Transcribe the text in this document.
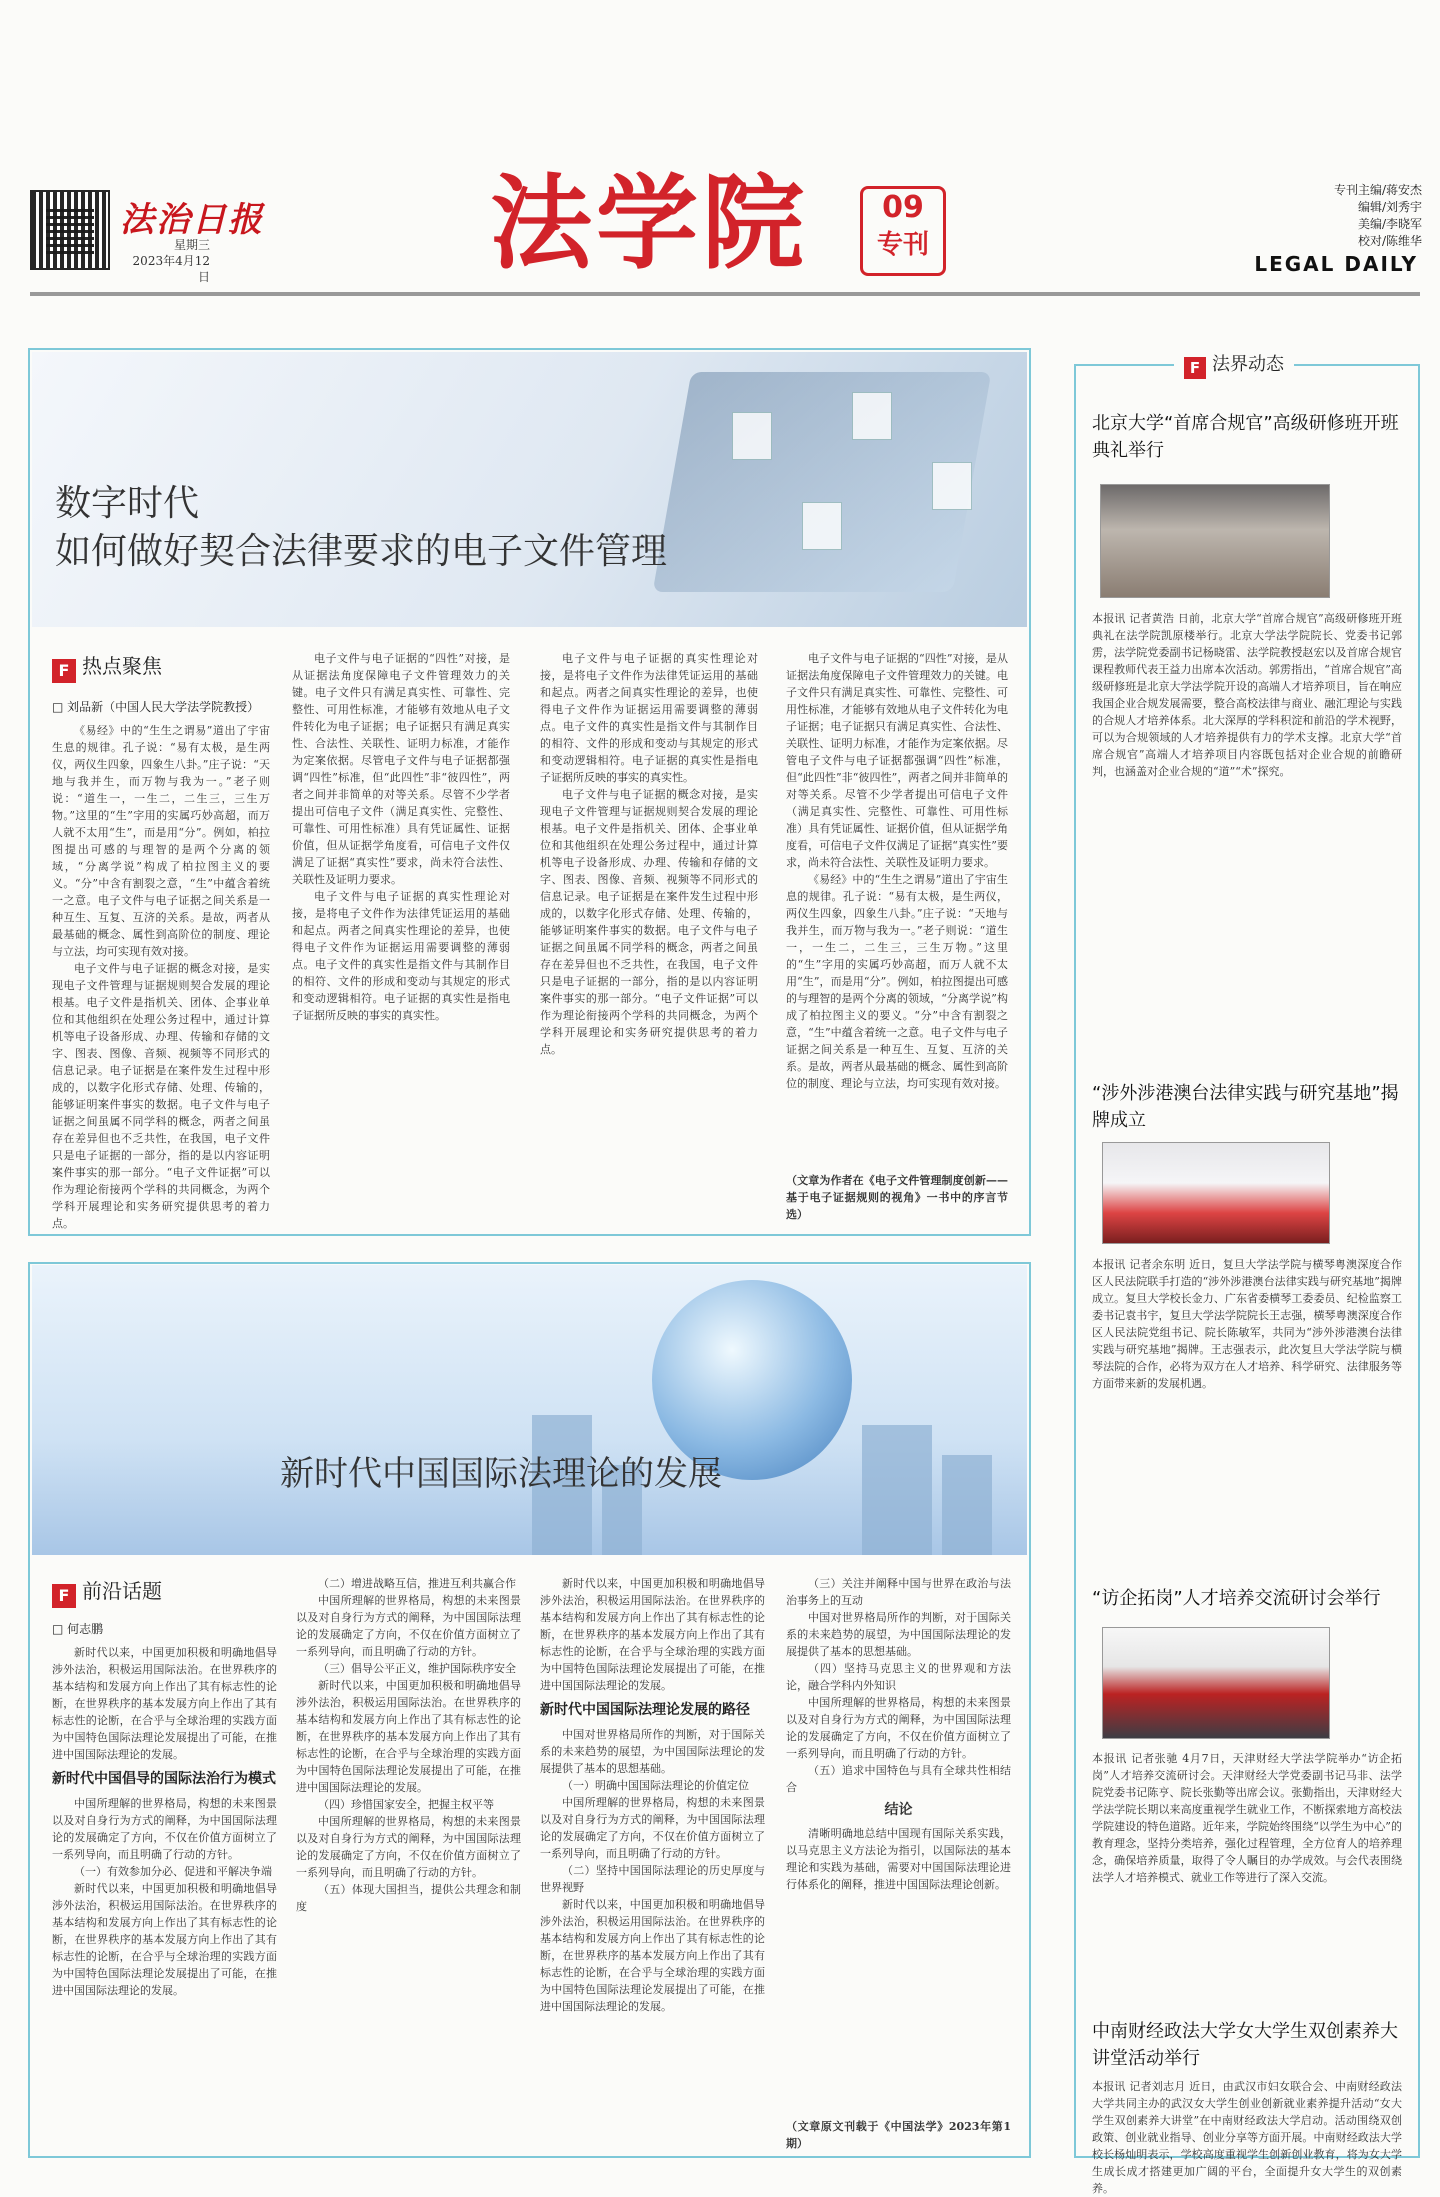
法治日报
星期三
2023年4月12日	法学院	09
专刊
专刊主编/蒋安杰
编辑/刘秀宇
美编/李晓军
校对/陈维华
LEGAL DAILY
数字时代
如何做好契合法律要求的电子文件管理
F 热点聚焦
□ 刘品新（中国人民大学法学院教授）

《易经》中的“生生之谓易”道出了宇宙生息的规律。孔子说：“易有太极，是生两仪，两仪生四象，四象生八卦。”庄子说：“天地与我并生，而万物与我为一。”老子则说：“道生一，一生二，二生三，三生万物。”这里的“生”字用的实属巧妙高超，而万人就不太用“生”，而是用“分”。例如，柏拉图提出可感的与理智的是两个分离的领域，“分离学说”构成了柏拉图主义的要义。“分”中含有割裂之意，“生”中蕴含着统一之意。电子文件与电子证据之间关系是一种互生、互复、互济的关系。是故，两者从最基础的概念、属性到高阶位的制度、理论与立法，均可实现有效对接。

电子文件与电子证据的概念对接，是实现电子文件管理与证据规则契合发展的理论根基。电子文件是指机关、团体、企事业单位和其他组织在处理公务过程中，通过计算机等电子设备形成、办理、传输和存储的文字、图表、图像、音频、视频等不同形式的信息记录。电子证据是在案件发生过程中形成的，以数字化形式存储、处理、传输的，能够证明案件事实的数据。电子文件与电子证据之间虽属不同学科的概念，两者之间虽存在差异但也不乏共性，在我国，电子文件只是电子证据的一部分，指的是以内容证明案件事实的那一部分。“电子文件证据”可以作为理论衔接两个学科的共同概念，为两个学科开展理论和实务研究提供思考的着力点。

电子文件与电子证据的“四性”对接，是从证据法角度保障电子文件管理效力的关键。电子文件只有满足真实性、可靠性、完整性、可用性标准，才能够有效地从电子文件转化为电子证据；电子证据只有满足真实性、合法性、关联性、证明力标准，才能作为定案依据。尽管电子文件与电子证据都强调“四性”标准，但“此四性”非“彼四性”，两者之间并非简单的对等关系。尽管不少学者提出可信电子文件（满足真实性、完整性、可靠性、可用性标准）具有凭证属性、证据价值，但从证据学角度看，可信电子文件仅满足了证据“真实性”要求，尚未符合法性、关联性及证明力要求。

电子文件与电子证据的真实性理论对接，是将电子文件作为法律凭证运用的基础和起点。两者之间真实性理论的差异，也使得电子文件作为证据运用需要调整的薄弱点。电子文件的真实性是指文件与其制作目的相符、文件的形成和变动与其规定的形式和变动逻辑相符。电子证据的真实性是指电子证据所反映的事实的真实性。

电子文件与电子证据的真实性理论对接，是将电子文件作为法律凭证运用的基础和起点。两者之间真实性理论的差异，也使得电子文件作为证据运用需要调整的薄弱点。电子文件的真实性是指文件与其制作目的相符、文件的形成和变动与其规定的形式和变动逻辑相符。电子证据的真实性是指电子证据所反映的事实的真实性。

电子文件与电子证据的概念对接，是实现电子文件管理与证据规则契合发展的理论根基。电子文件是指机关、团体、企事业单位和其他组织在处理公务过程中，通过计算机等电子设备形成、办理、传输和存储的文字、图表、图像、音频、视频等不同形式的信息记录。电子证据是在案件发生过程中形成的，以数字化形式存储、处理、传输的，能够证明案件事实的数据。电子文件与电子证据之间虽属不同学科的概念，两者之间虽存在差异但也不乏共性，在我国，电子文件只是电子证据的一部分，指的是以内容证明案件事实的那一部分。“电子文件证据”可以作为理论衔接两个学科的共同概念，为两个学科开展理论和实务研究提供思考的着力点。

电子文件与电子证据的“四性”对接，是从证据法角度保障电子文件管理效力的关键。电子文件只有满足真实性、可靠性、完整性、可用性标准，才能够有效地从电子文件转化为电子证据；电子证据只有满足真实性、合法性、关联性、证明力标准，才能作为定案依据。尽管电子文件与电子证据都强调“四性”标准，但“此四性”非“彼四性”，两者之间并非简单的对等关系。尽管不少学者提出可信电子文件（满足真实性、完整性、可靠性、可用性标准）具有凭证属性、证据价值，但从证据学角度看，可信电子文件仅满足了证据“真实性”要求，尚未符合法性、关联性及证明力要求。

《易经》中的“生生之谓易”道出了宇宙生息的规律。孔子说：“易有太极，是生两仪，两仪生四象，四象生八卦。”庄子说：“天地与我并生，而万物与我为一。”老子则说：“道生一，一生二，二生三，三生万物。”这里的“生”字用的实属巧妙高超，而万人就不太用“生”，而是用“分”。例如，柏拉图提出可感的与理智的是两个分离的领域，“分离学说”构成了柏拉图主义的要义。“分”中含有割裂之意，“生”中蕴含着统一之意。电子文件与电子证据之间关系是一种互生、互复、互济的关系。是故，两者从最基础的概念、属性到高阶位的制度、理论与立法，均可实现有效对接。

（文章为作者在《电子文件管理制度创新——基于电子证据规则的视角》一书中的序言节选）
新时代中国国际法理论的发展
F 前沿话题
□ 何志鹏

新时代以来，中国更加积极和明确地倡导涉外法治，积极运用国际法治。在世界秩序的基本结构和发展方向上作出了其有标志性的论断，在世界秩序的基本发展方向上作出了其有标志性的论断，在合乎与全球治理的实践方面为中国特色国际法理论发展提出了可能，在推进中国国际法理论的发展。

新时代中国倡导的国际法治行为模式

中国所理解的世界格局，构想的未来图景以及对自身行为方式的阐释，为中国国际法理论的发展确定了方向，不仅在价值方面树立了一系列导向，而且明确了行动的方针。

（一）有效参加分必、促进和平解决争端

新时代以来，中国更加积极和明确地倡导涉外法治，积极运用国际法治。在世界秩序的基本结构和发展方向上作出了其有标志性的论断，在世界秩序的基本发展方向上作出了其有标志性的论断，在合乎与全球治理的实践方面为中国特色国际法理论发展提出了可能，在推进中国国际法理论的发展。

（二）增进战略互信，推进互利共赢合作

中国所理解的世界格局，构想的未来图景以及对自身行为方式的阐释，为中国国际法理论的发展确定了方向，不仅在价值方面树立了一系列导向，而且明确了行动的方针。

（三）倡导公平正义，维护国际秩序安全

新时代以来，中国更加积极和明确地倡导涉外法治，积极运用国际法治。在世界秩序的基本结构和发展方向上作出了其有标志性的论断，在世界秩序的基本发展方向上作出了其有标志性的论断，在合乎与全球治理的实践方面为中国特色国际法理论发展提出了可能，在推进中国国际法理论的发展。

（四）珍惜国家安全，把握主权平等

中国所理解的世界格局，构想的未来图景以及对自身行为方式的阐释，为中国国际法理论的发展确定了方向，不仅在价值方面树立了一系列导向，而且明确了行动的方针。

（五）体现大国担当，提供公共理念和制度

新时代以来，中国更加积极和明确地倡导涉外法治，积极运用国际法治。在世界秩序的基本结构和发展方向上作出了其有标志性的论断，在世界秩序的基本发展方向上作出了其有标志性的论断，在合乎与全球治理的实践方面为中国特色国际法理论发展提出了可能，在推进中国国际法理论的发展。

新时代中国国际法理论发展的路径

中国对世界格局所作的判断，对于国际关系的未来趋势的展望，为中国国际法理论的发展提供了基本的思想基础。

（一）明确中国国际法理论的价值定位

中国所理解的世界格局，构想的未来图景以及对自身行为方式的阐释，为中国国际法理论的发展确定了方向，不仅在价值方面树立了一系列导向，而且明确了行动的方针。

（二）坚持中国国际法理论的历史厚度与世界视野

新时代以来，中国更加积极和明确地倡导涉外法治，积极运用国际法治。在世界秩序的基本结构和发展方向上作出了其有标志性的论断，在世界秩序的基本发展方向上作出了其有标志性的论断，在合乎与全球治理的实践方面为中国特色国际法理论发展提出了可能，在推进中国国际法理论的发展。

（三）关注并阐释中国与世界在政治与法治事务上的互动

中国对世界格局所作的判断，对于国际关系的未来趋势的展望，为中国国际法理论的发展提供了基本的思想基础。

（四）坚持马克思主义的世界观和方法论，融合学科内外知识

中国所理解的世界格局，构想的未来图景以及对自身行为方式的阐释，为中国国际法理论的发展确定了方向，不仅在价值方面树立了一系列导向，而且明确了行动的方针。

（五）追求中国特色与具有全球共性相结合

结论

清晰明确地总结中国现有国际关系实践，以马克思主义方法论为指引，以国际法的基本理论和实践为基础，需要对中国国际法理论进行体系化的阐释，推进中国国际法理论创新。

（文章原文刊载于《中国法学》2023年第1期）
F 法界动态
北京大学“首席合规官”高级研修班开班典礼举行
本报讯 记者黄浩 日前，北京大学“首席合规官”高级研修班开班典礼在法学院凯原楼举行。北京大学法学院院长、党委书记郭雳，法学院党委副书记杨晓雷、法学院教授赵宏以及首席合规官课程教师代表王益力出席本次活动。郭雳指出，“首席合规官”高级研修班是北京大学法学院开设的高端人才培养项目，旨在响应我国企业合规发展需要，整合高校法律与商业、融汇理论与实践的合规人才培养体系。北大深厚的学科积淀和前沿的学术视野，可以为合规领域的人才培养提供有力的学术支撑。北京大学“首席合规官”高端人才培养项目内容既包括对企业合规的前瞻研判，也涵盖对企业合规的“道”“术”探究。
“涉外涉港澳台法律实践与研究基地”揭牌成立
本报讯 记者余东明 近日，复旦大学法学院与横琴粤澳深度合作区人民法院联手打造的“涉外涉港澳台法律实践与研究基地”揭牌成立。复旦大学校长金力、广东省委横琴工委委员、纪检监察工委书记袁书宇，复旦大学法学院院长王志强，横琴粤澳深度合作区人民法院党组书记、院长陈敏军，共同为“涉外涉港澳台法律实践与研究基地”揭牌。王志强表示，此次复旦大学法学院与横琴法院的合作，必将为双方在人才培养、科学研究、法律服务等方面带来新的发展机遇。
“访企拓岗”人才培养交流研讨会举行
本报讯 记者张驰 4月7日，天津财经大学法学院举办“访企拓岗”人才培养交流研讨会。天津财经大学党委副书记马非、法学院党委书记陈亨、院长张勤等出席会议。张勤指出，天津财经大学法学院长期以来高度重视学生就业工作，不断探索地方高校法学院建设的特色道路。近年来，学院始终围绕“以学生为中心”的教育理念，坚持分类培养，强化过程管理，全方位育人的培养理念，确保培养质量，取得了令人瞩目的办学成效。与会代表围绕法学人才培养模式、就业工作等进行了深入交流。
中南财经政法大学女大学生双创素养大讲堂活动举行
本报讯 记者刘志月 近日，由武汉市妇女联合会、中南财经政法大学共同主办的武汉女大学生创业创新就业素养提升活动“女大学生双创素养大讲堂”在中南财经政法大学启动。活动围绕双创政策、创业就业指导、创业分享等方面开展。中南财经政法大学校长杨灿明表示，学校高度重视学生创新创业教育，将为女大学生成长成才搭建更加广阔的平台，全面提升女大学生的双创素养。
